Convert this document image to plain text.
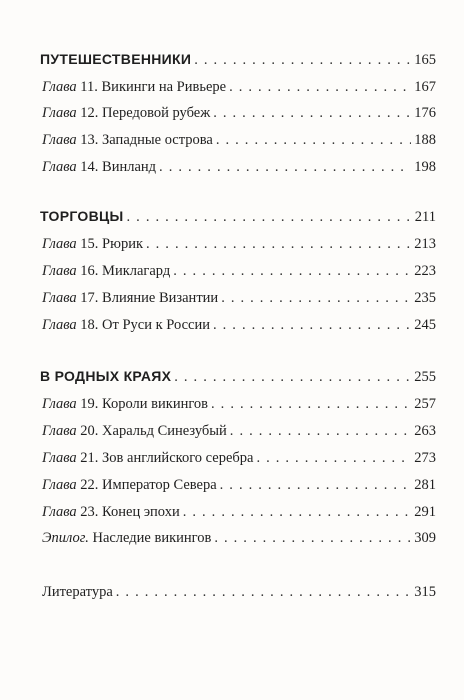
ПУТЕШЕСТВЕННИКИ . . .	165
Глава 11. Викинги на Ривьере . . .	167
Глава 12. Передовой рубеж . . .	176
Глава 13. Западные острова . . .	188
Глава 14. Винланд . . .	198
ТОРГОВЦЫ . . .	211
Глава 15. Рюрик . . .	213
Глава 16. Миклагард . . .	223
Глава 17. Влияние Византии . . .	235
Глава 18. От Руси к России . . .	245
В РОДНЫХ КРАЯХ . . .	255
Глава 19. Короли викингов . . .	257
Глава 20. Харальд Синезубый . . .	263
Глава 21. Зов английского серебра . . .	273
Глава 22. Император Севера . . .	281
Глава 23. Конец эпохи . . .	291
Эпилог. Наследие викингов . . .	309
Литература . . .	315
